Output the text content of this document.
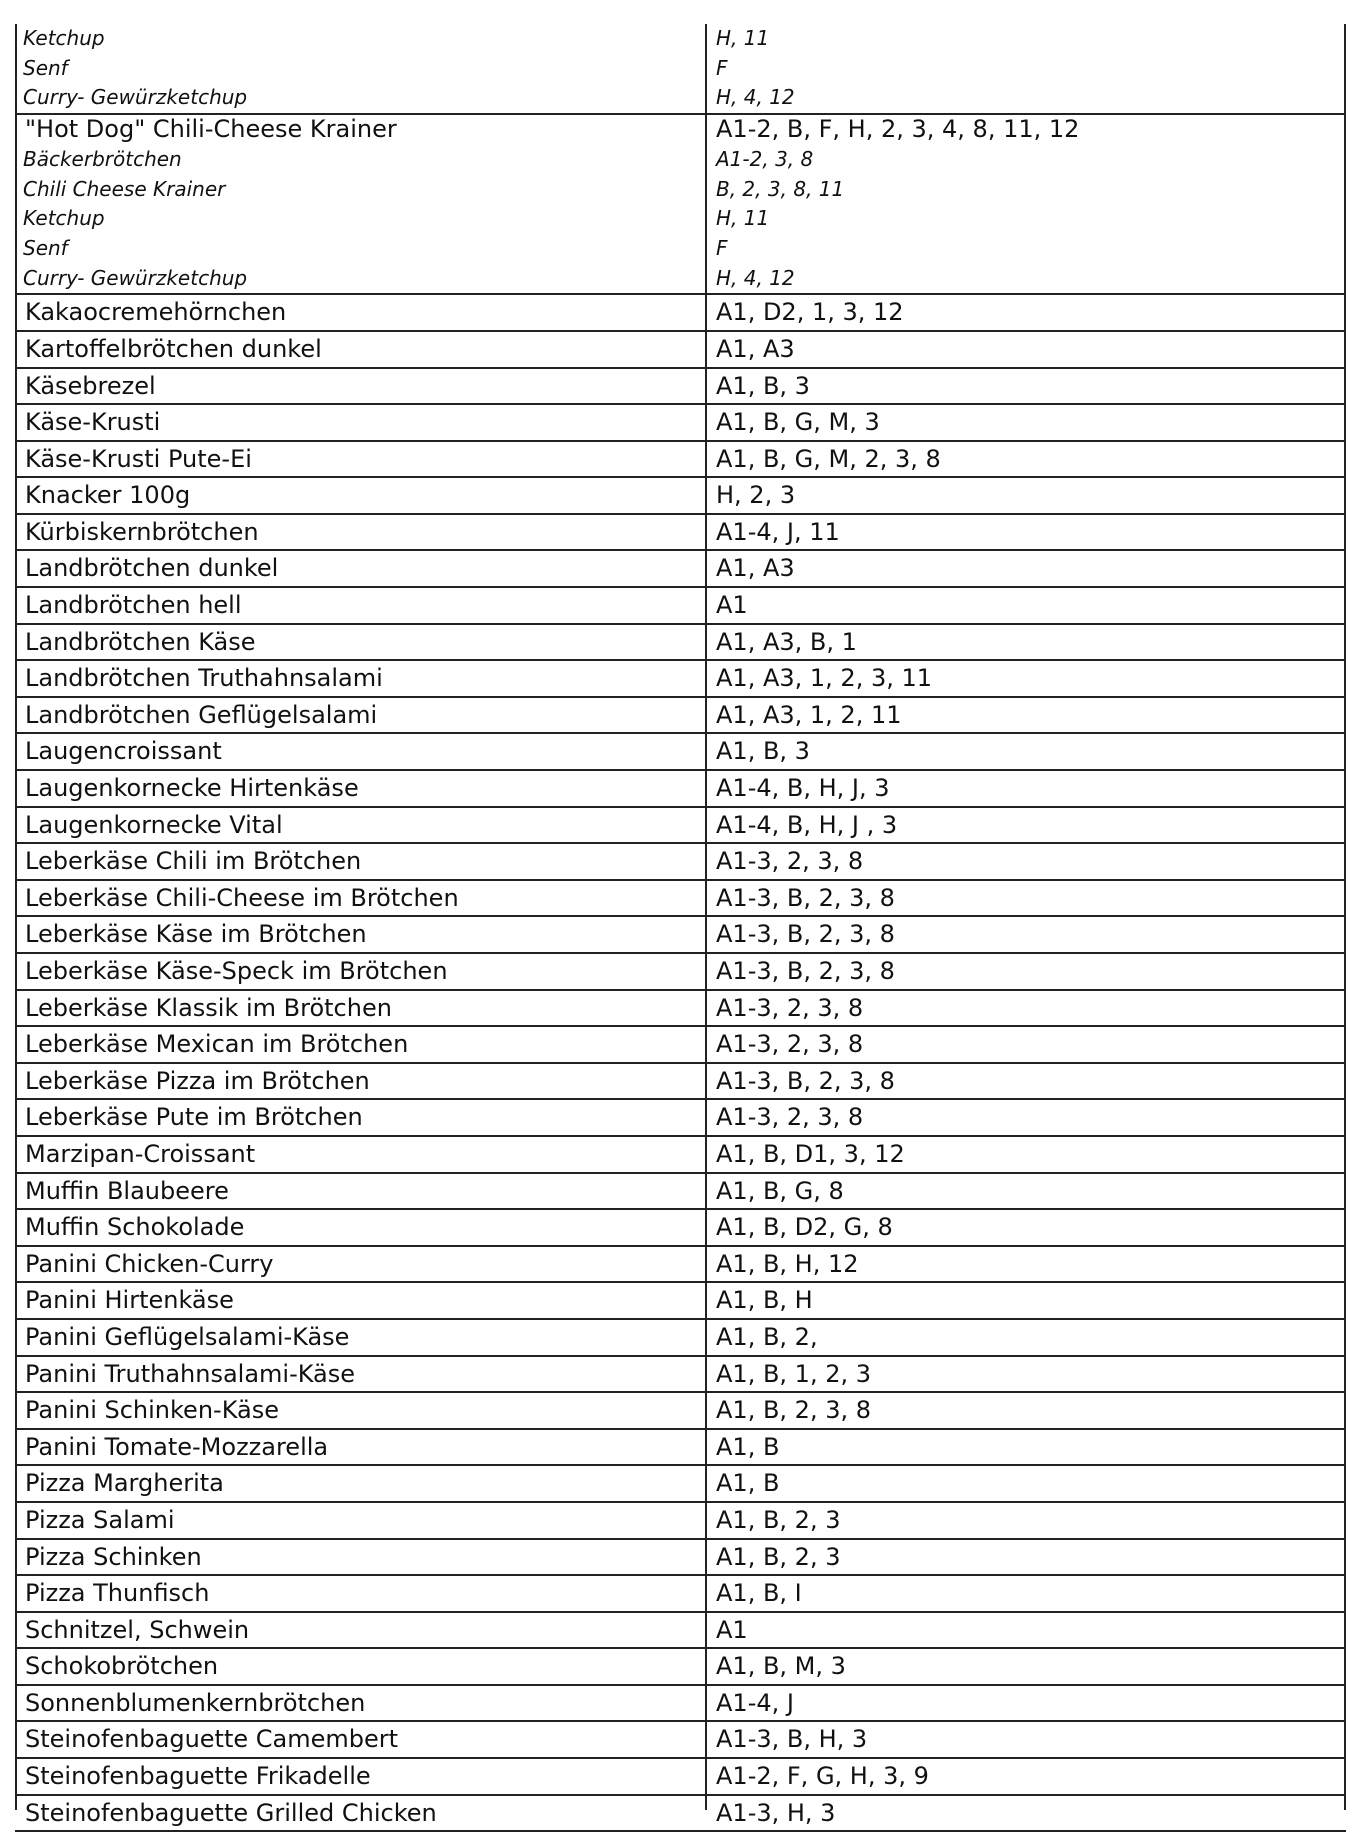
Ketchup	H, 11
Senf	F
Curry- Gewürzketchup	H, 4, 12
"Hot Dog" Chili-Cheese Krainer	A1-2, B, F, H, 2, 3, 4, 8, 11, 12
Bäckerbrötchen	A1-2, 3, 8
Chili Cheese Krainer	B, 2, 3, 8, 11
Ketchup	H, 11
Senf	F
Curry- Gewürzketchup	H, 4, 12
Kakaocremehörnchen	A1, D2, 1, 3, 12
Kartoffelbrötchen dunkel	A1, A3
Käsebrezel	A1, B, 3
Käse-Krusti	A1, B, G, M, 3
Käse-Krusti Pute-Ei	A1, B, G, M, 2, 3, 8
Knacker 100g	H, 2, 3
Kürbiskernbrötchen	A1-4, J, 11
Landbrötchen dunkel	A1, A3
Landbrötchen hell	A1
Landbrötchen Käse	A1, A3, B, 1
Landbrötchen Truthahnsalami	A1, A3, 1, 2, 3, 11
Landbrötchen Geflügelsalami	A1, A3, 1, 2, 11
Laugencroissant	A1, B, 3
Laugenkornecke Hirtenkäse	A1-4, B, H, J, 3
Laugenkornecke Vital	A1-4, B, H, J , 3
Leberkäse Chili im Brötchen	A1-3, 2, 3, 8
Leberkäse Chili-Cheese im Brötchen	A1-3, B, 2, 3, 8
Leberkäse Käse im Brötchen	A1-3, B, 2, 3, 8
Leberkäse Käse-Speck im Brötchen	A1-3, B, 2, 3, 8
Leberkäse Klassik im Brötchen	A1-3, 2, 3, 8
Leberkäse Mexican im Brötchen	A1-3, 2, 3, 8
Leberkäse Pizza im Brötchen	A1-3, B, 2, 3, 8
Leberkäse Pute im Brötchen	A1-3, 2, 3, 8
Marzipan-Croissant	A1, B, D1, 3, 12
Muffin Blaubeere	A1, B, G, 8
Muffin Schokolade	A1, B, D2, G, 8
Panini Chicken-Curry	A1, B, H, 12
Panini Hirtenkäse	A1, B, H
Panini Geflügelsalami-Käse	A1, B, 2,
Panini Truthahnsalami-Käse	A1, B, 1, 2, 3
Panini Schinken-Käse	A1, B, 2, 3, 8
Panini Tomate-Mozzarella	A1, B
Pizza Margherita	A1, B
Pizza Salami	A1, B, 2, 3
Pizza Schinken	A1, B, 2, 3
Pizza Thunfisch	A1, B, I
Schnitzel, Schwein	A1
Schokobrötchen	A1, B, M, 3
Sonnenblumenkernbrötchen	A1-4, J
Steinofenbaguette Camembert	A1-3, B, H, 3
Steinofenbaguette Frikadelle	A1-2, F, G, H, 3, 9
Steinofenbaguette Grilled Chicken	A1-3, H, 3
